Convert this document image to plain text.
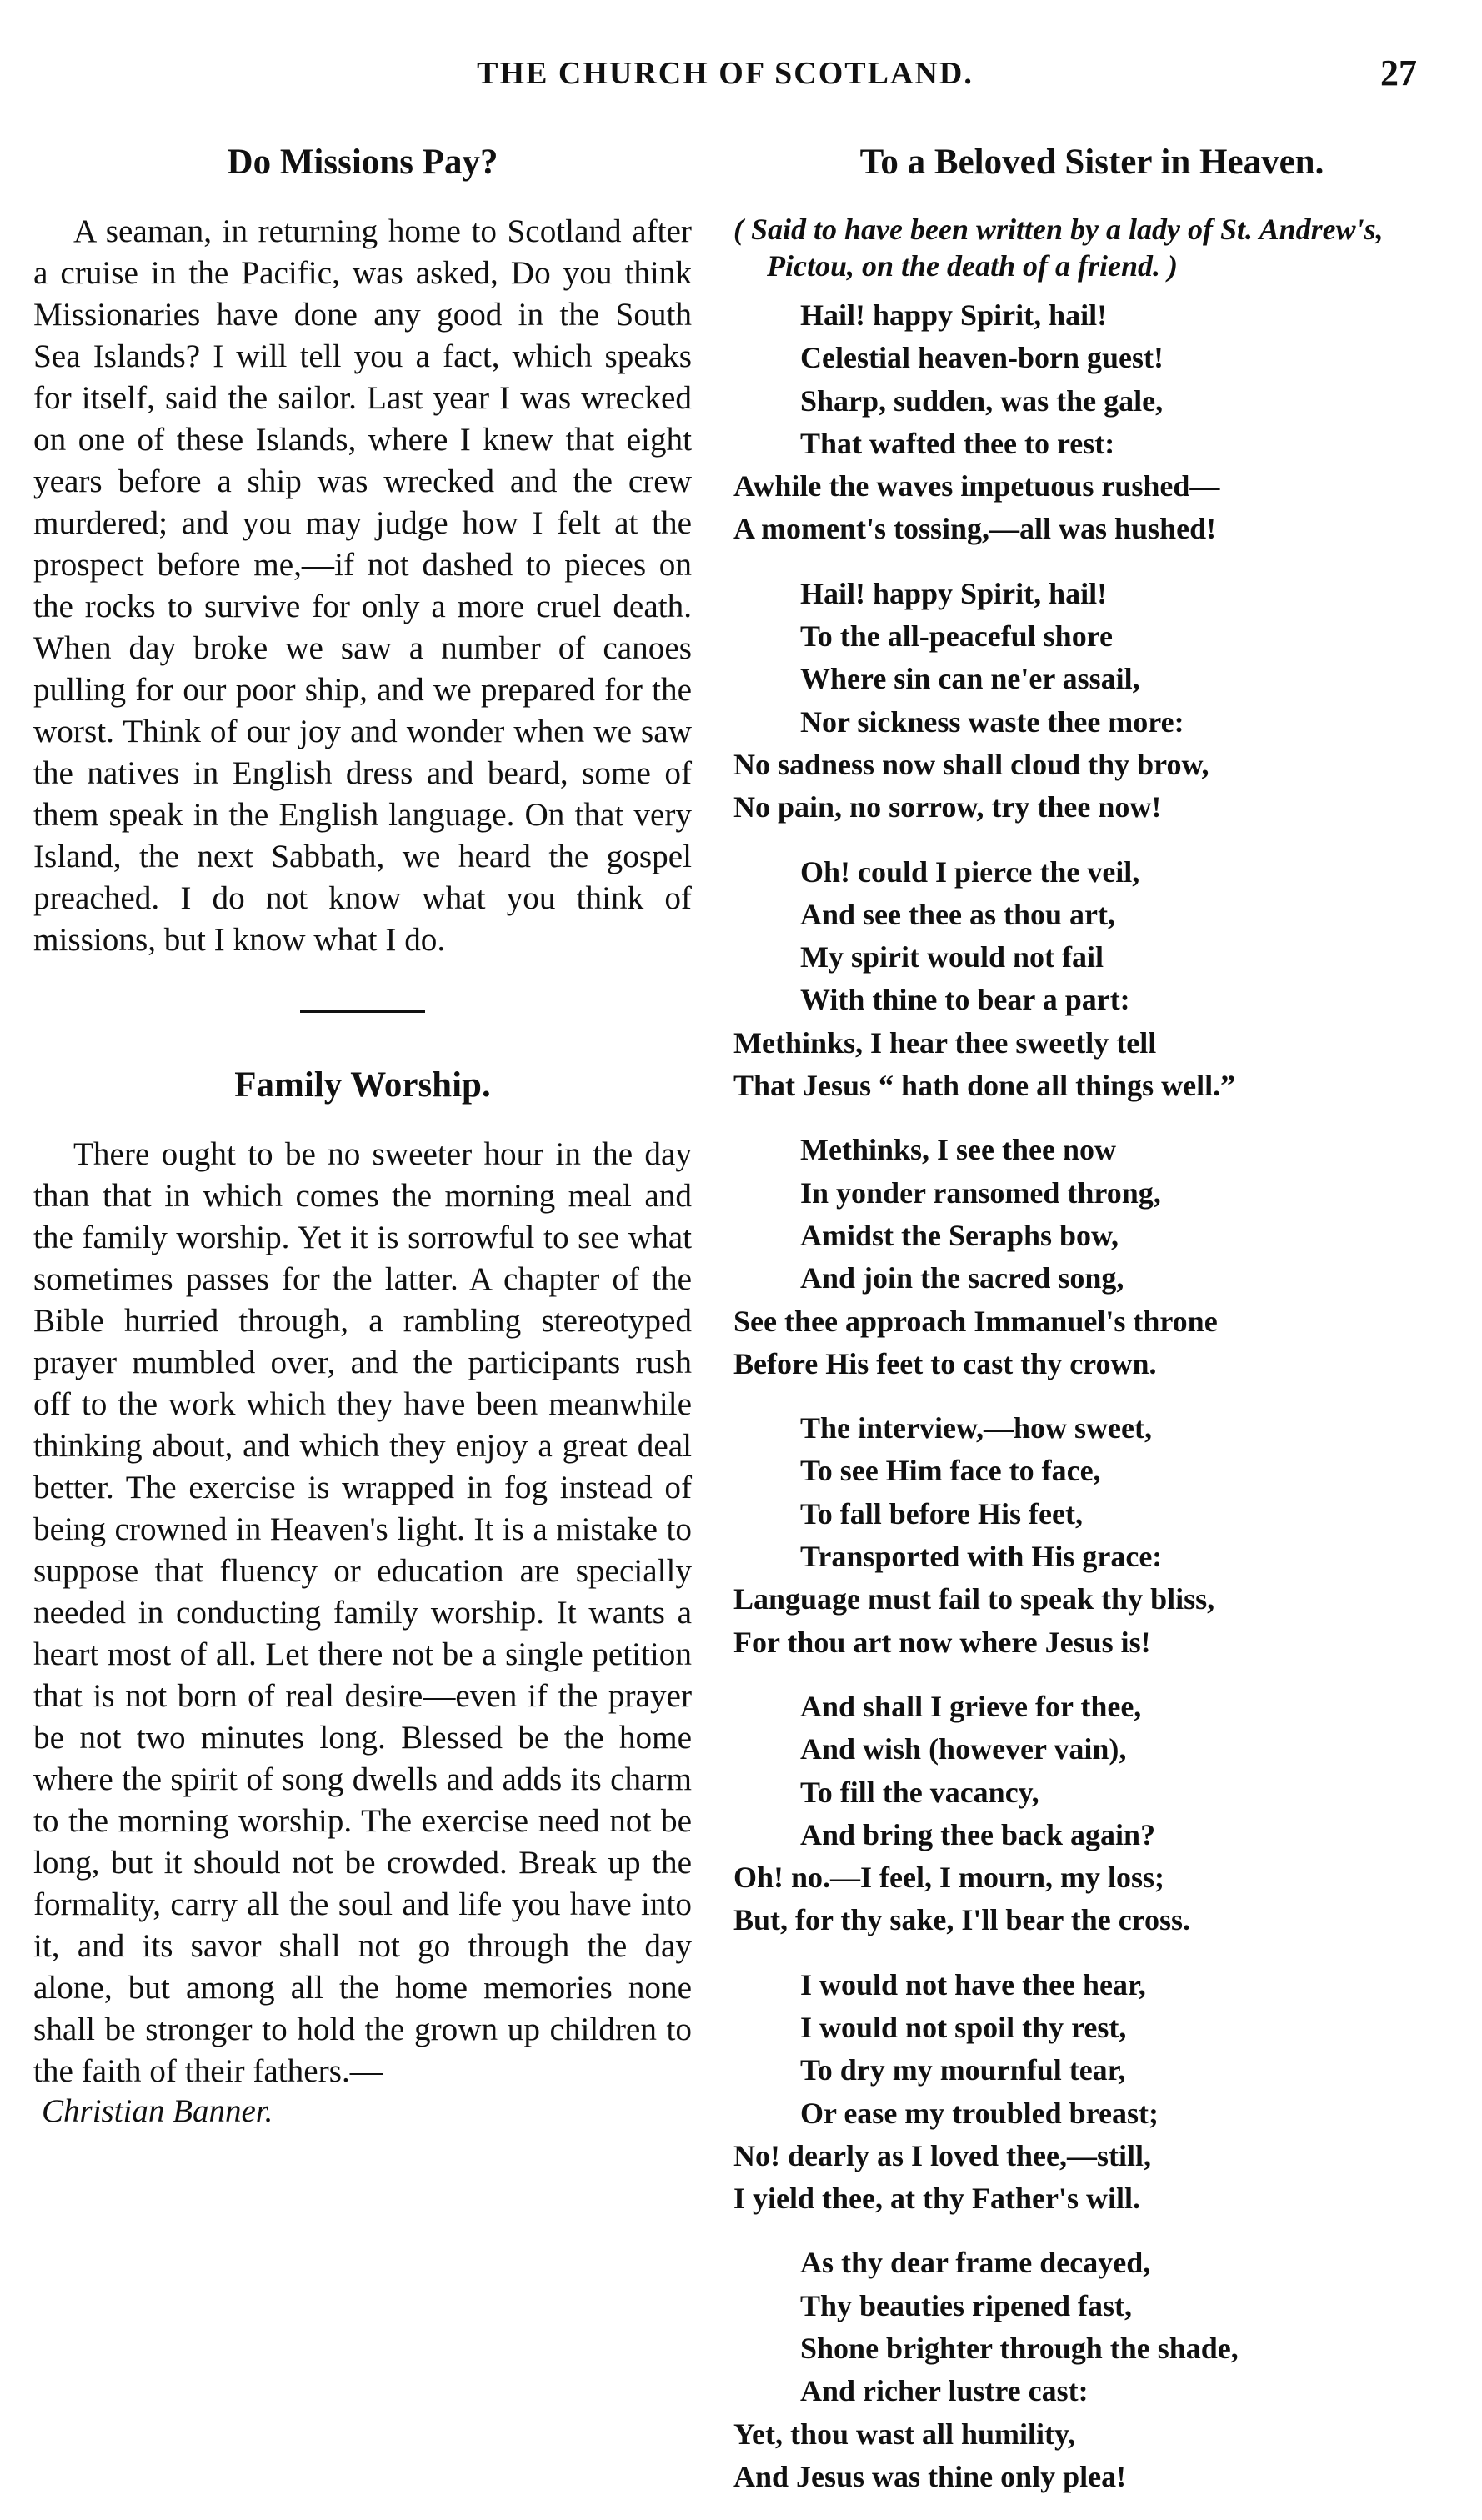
THE CHURCH OF SCOTLAND.	27
Do Missions Pay?

A seaman, in returning home to Scotland after a cruise in the Pacific, was asked, Do you think Missionaries have done any good in the South Sea Islands? I will tell you a fact, which speaks for itself, said the sailor. Last year I was wrecked on one of these Islands, where I knew that eight years before a ship was wrecked and the crew murdered; and you may judge how I felt at the prospect before me,—if not dashed to pieces on the rocks to survive for only a more cruel death. When day broke we saw a number of canoes pulling for our poor ship, and we prepared for the worst. Think of our joy and wonder when we saw the natives in English dress and beard, some of them speak in the English language. On that very Island, the next Sabbath, we heard the gospel preached. I do not know what you think of missions, but I know what I do.

Family Worship.

There ought to be no sweeter hour in the day than that in which comes the morning meal and the family worship. Yet it is sorrowful to see what sometimes passes for the latter. A chapter of the Bible hurried through, a rambling stereotyped prayer mumbled over, and the participants rush off to the work which they have been meanwhile thinking about, and which they enjoy a great deal better. The exercise is wrapped in fog instead of being crowned in Heaven's light. It is a mistake to suppose that fluency or education are specially needed in conducting family worship. It wants a heart most of all. Let there not be a single petition that is not born of real desire—even if the prayer be not two minutes long. Blessed be the home where the spirit of song dwells and adds its charm to the morning worship. The exercise need not be long, but it should not be crowded. Break up the formality, carry all the soul and life you have into it, and its savor shall not go through the day alone, but among all the home memories none shall be stronger to hold the grown up children to the faith of their fathers.—

Christian Banner.
To a Beloved Sister in Heaven.
( Said to have been written by a lady of St. Andrew's, Pictou, on the death of a friend. )
Hail! happy Spirit, hail!
Celestial heaven-born guest!
Sharp, sudden, was the gale,
That wafted thee to rest:
Awhile the waves impetuous rushed—
A moment's tossing,—all was hushed!
Hail! happy Spirit, hail!
To the all-peaceful shore
Where sin can ne'er assail,
Nor sickness waste thee more:
No sadness now shall cloud thy brow,
No pain, no sorrow, try thee now!
Oh! could I pierce the veil,
And see thee as thou art,
My spirit would not fail
With thine to bear a part:
Methinks, I hear thee sweetly tell
That Jesus “ hath done all things well.”
Methinks, I see thee now
In yonder ransomed throng,
Amidst the Seraphs bow,
And join the sacred song,
See thee approach Immanuel's throne
Before His feet to cast thy crown.
The interview,—how sweet,
To see Him face to face,
To fall before His feet,
Transported with His grace:
Language must fail to speak thy bliss,
For thou art now where Jesus is!
And shall I grieve for thee,
And wish (however vain),
To fill the vacancy,
And bring thee back again?
Oh! no.—I feel, I mourn, my loss;
But, for thy sake, I'll bear the cross.
I would not have thee hear,
I would not spoil thy rest,
To dry my mournful tear,
Or ease my troubled breast;
No! dearly as I loved thee,—still,
I yield thee, at thy Father's will.
As thy dear frame decayed,
Thy beauties ripened fast,
Shone brighter through the shade,
And richer lustre cast:
Yet, thou wast all humility,
And Jesus was thine only plea!
